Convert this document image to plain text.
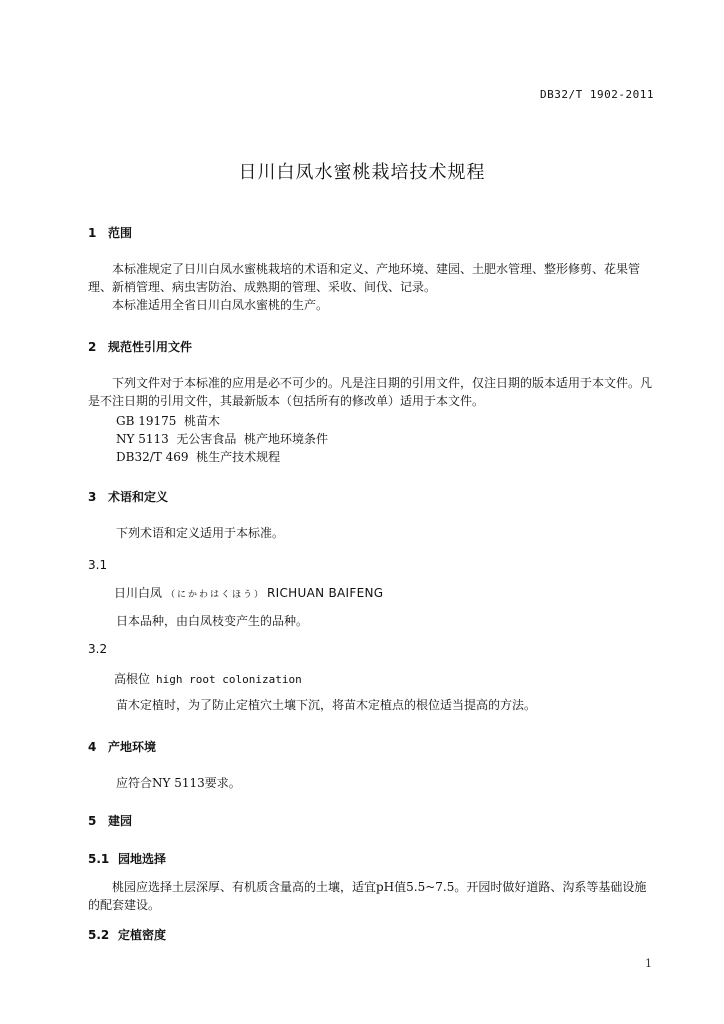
DB32/T 1902-2011
日川白凤水蜜桃栽培技术规程
1 范围
本标准规定了日川白凤水蜜桃栽培的术语和定义、产地环境、建园、土肥水管理、整形修剪、花果管理、新梢管理、病虫害防治、成熟期的管理、采收、间伐、记录。
本标准适用全省日川白凤水蜜桃的生产。
2 规范性引用文件
下列文件对于本标准的应用是必不可少的。凡是注日期的引用文件，仅注日期的版本适用于本文件。凡是不注日期的引用文件，其最新版本（包括所有的修改单）适用于本文件。
GB 19175  桃苗木
NY 5113  无公害食品  桃产地环境条件
DB32/T 469  桃生产技术规程
3 术语和定义
下列术语和定义适用于本标准。
3.1
日川白凤 （にかわはくほう） RICHUAN BAIFENG
日本品种，由白凤枝变产生的品种。
3.2
高根位 high root colonization
苗木定植时，为了防止定植穴土壤下沉，将苗木定植点的根位适当提高的方法。
4 产地环境
应符合NY 5113要求。
5 建园
5.1 园地选择
桃园应选择土层深厚、有机质含量高的土壤，适宜pH值5.5~7.5。开园时做好道路、沟系等基础设施的配套建设。
5.2 定植密度
1
